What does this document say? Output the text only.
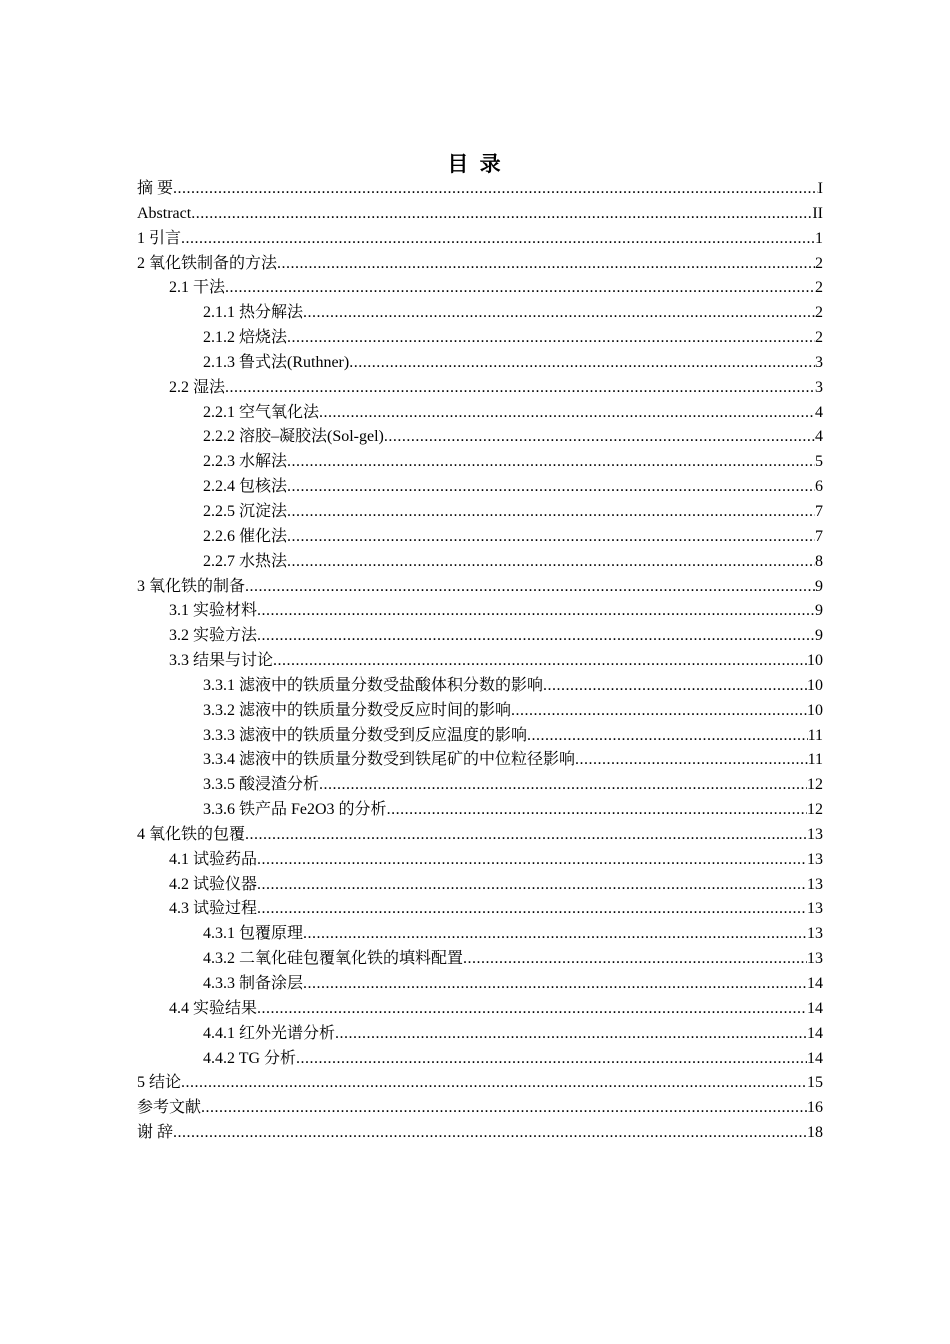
目 录
摘 要 .....	I
Abstract .....	II
1 引言 .....	1
2 氧化铁制备的方法 .....	2
2.1 干法 .....	2
2.1.1 热分解法 .....	2
2.1.2 焙烧法 .....	2
2.1.3 鲁式法(Ruthner) .....	3
2.2 湿法 .....	3
2.2.1 空气氧化法 .....	4
2.2.2 溶胶–凝胶法(Sol-gel) .....	4
2.2.3 水解法 .....	5
2.2.4 包核法 .....	6
2.2.5 沉淀法 .....	7
2.2.6 催化法 .....	7
2.2.7 水热法 .....	8
3 氧化铁的制备 .....	9
3.1 实验材料 .....	9
3.2 实验方法 .....	9
3.3 结果与讨论 .....	10
3.3.1 滤液中的铁质量分数受盐酸体积分数的影响 .....	10
3.3.2 滤液中的铁质量分数受反应时间的影响 .....	10
3.3.3 滤液中的铁质量分数受到反应温度的影响 .....	11
3.3.4 滤液中的铁质量分数受到铁尾矿的中位粒径影响 .....	11
3.3.5 酸浸渣分析 .....	12
3.3.6 铁产品 Fe2O3 的分析 .....	12
4 氧化铁的包覆 .....	13
4.1 试验药品 .....	13
4.2 试验仪器 .....	13
4.3 试验过程 .....	13
4.3.1 包覆原理 .....	13
4.3.2 二氧化硅包覆氧化铁的填料配置 .....	13
4.3.3 制备涂层 .....	14
4.4 实验结果 .....	14
4.4.1 红外光谱分析 .....	14
4.4.2 TG 分析 .....	14
5 结论 .....	15
参考文献 .....	16
谢 辞 .....	18
